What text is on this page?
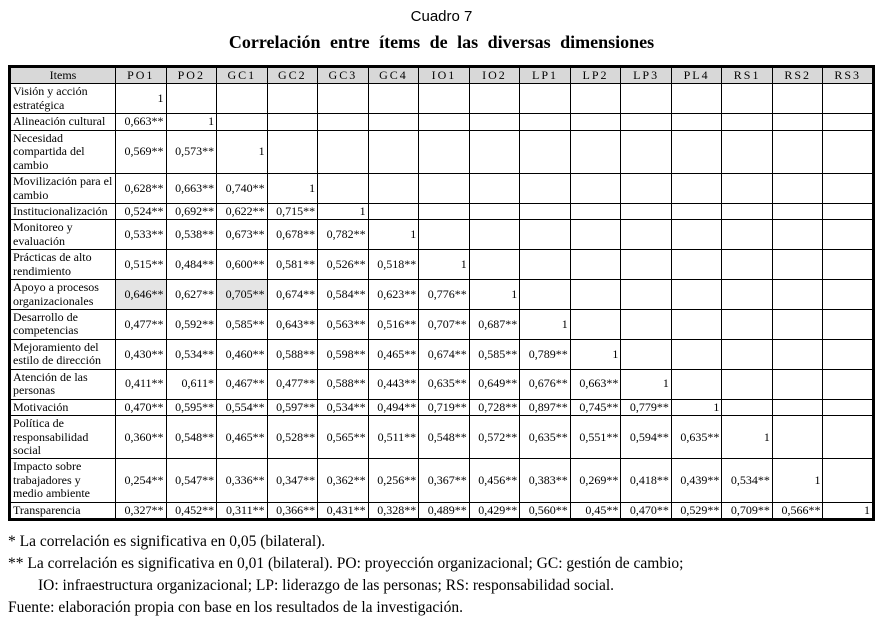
Cuadro 7
Correlación entre ítems de las diversas dimensiones
Items	PO1	PO2	GC1	GC2	GC3	GC4	IO1	IO2	LP1	LP2	LP3	PL4	RS1	RS2	RS3
Visión y acción estratégica	1														
Alineación cultural	0,663**	1													
Necesidad compartida del cambio	0,569**	0,573**	1												
Movilización para el cambio	0,628**	0,663**	0,740**	1											
Institucionalización	0,524**	0,692**	0,622**	0,715**	1										
Monitoreo y evaluación	0,533**	0,538**	0,673**	0,678**	0,782**	1									
Prácticas de alto rendimiento	0,515**	0,484**	0,600**	0,581**	0,526**	0,518**	1								
Apoyo a procesos organizacionales	0,646**	0,627**	0,705**	0,674**	0,584**	0,623**	0,776**	1							
Desarrollo de competencias	0,477**	0,592**	0,585**	0,643**	0,563**	0,516**	0,707**	0,687**	1						
Mejoramiento del estilo de dirección	0,430**	0,534**	0,460**	0,588**	0,598**	0,465**	0,674**	0,585**	0,789**	1					
Atención de las personas	0,411**	0,611*	0,467**	0,477**	0,588**	0,443**	0,635**	0,649**	0,676**	0,663**	1				
Motivación	0,470**	0,595**	0,554**	0,597**	0,534**	0,494**	0,719**	0,728**	0,897**	0,745**	0,779**	1			
Política de responsabilidad social	0,360**	0,548**	0,465**	0,528**	0,565**	0,511**	0,548**	0,572**	0,635**	0,551**	0,594**	0,635**	1		
Impacto sobre trabajadores y medio ambiente	0,254**	0,547**	0,336**	0,347**	0,362**	0,256**	0,367**	0,456**	0,383**	0,269**	0,418**	0,439**	0,534**	1	
Transparencia	0,327**	0,452**	0,311**	0,366**	0,431**	0,328**	0,489**	0,429**	0,560**	0,45**	0,470**	0,529**	0,709**	0,566**	1
* La correlación es significativa en 0,05 (bilateral).
** La correlación es significativa en 0,01 (bilateral). PO: proyección organizacional; GC: gestión de cambio;
IO: infraestructura organizacional; LP: liderazgo de las personas; RS: responsabilidad social.
Fuente: elaboración propia con base en los resultados de la investigación.
